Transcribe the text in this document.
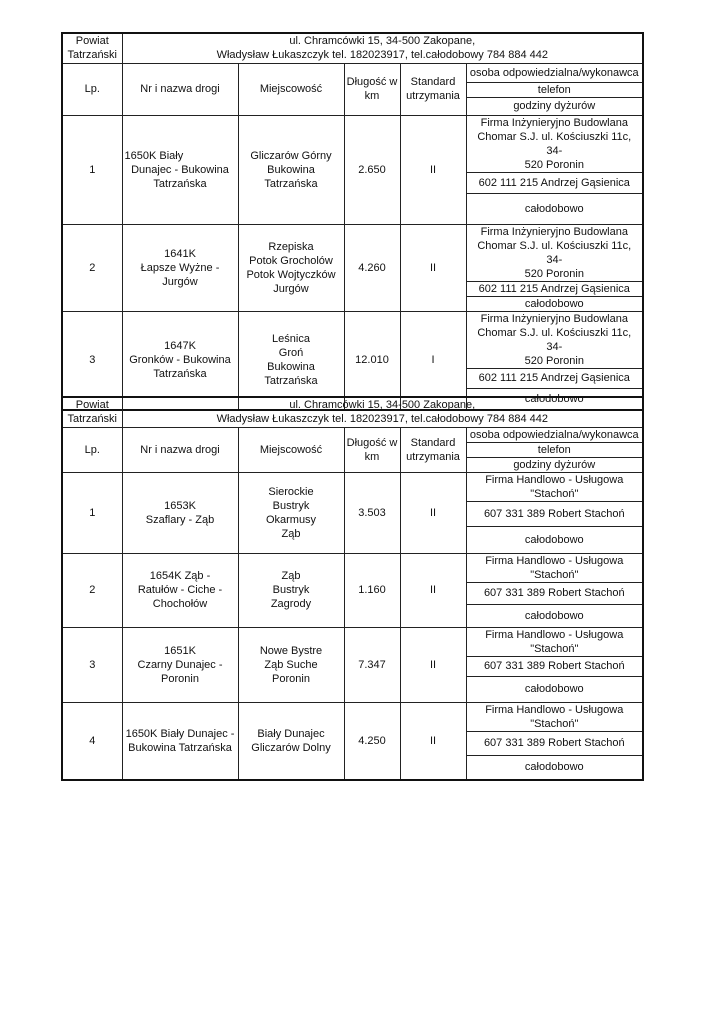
Powiat
Tatrzański	ul. Chramcówki 15, 34-500 Zakopane,
Władysław Łukaszczyk tel. 182023917, tel.całodobowy 784 884 442				

Lp.	Nr i nazwa drogi	Miejscowość	Długość w
km	Standard
utrzymania	osoba odpowiedzialna/wykonawca
					telefon
					godziny dyżurów
1	1650K Biały
Dunajec - Bukowina
Tatrzańska	Gliczarów Górny
Bukowina
Tatrzańska	2.650	II	Firma Inżynieryjno Budowlana
Chomar S.J. ul. Kościuszki 11c, 34-
520 Poronin

					602 111 215 Andrzej Gąsienica
					całodobowo
2	1641K
Łapsze Wyżne -
Jurgów	Rzepiska
Potok Grocholów
Potok Wojtyczków
Jurgów	4.260	II	Firma Inżynieryjno Budowlana
Chomar S.J. ul. Kościuszki 11c, 34-
520 Poronin

					602 111 215 Andrzej Gąsienica
					całodobowo
3	1647K
Gronków - Bukowina
Tatrzańska	Leśnica
Groń
Bukowina
Tatrzańska	12.010	I	Firma Inżynieryjno Budowlana
Chomar S.J. ul. Kościuszki 11c, 34-
520 Poronin

					602 111 215 Andrzej Gąsienica
					całodobowo
Powiat
Tatrzański	ul. Chramcówki 15, 34-500 Zakopane,
Władysław Łukaszczyk tel. 182023917, tel.całodobowy 784 884 442				

Lp.	Nr i nazwa drogi	Miejscowość	Długość w
km	Standard
utrzymania	osoba odpowiedzialna/wykonawca
					telefon
					godziny dyżurów
1	1653K
Szaflary - Ząb	Sierockie
Bustryk
Okarmusy
Ząb	3.503	II	Firma Handlowo - Usługowa
"Stachoń"

					607 331 389 Robert Stachoń
					całodobowo
2	1654K Ząb -
Ratułów - Ciche -
Chochołów	Ząb
Bustryk
Zagrody	1.160	II	Firma Handlowo - Usługowa
"Stachoń"

					607 331 389 Robert Stachoń
					całodobowo
3	1651K
Czarny Dunajec -
Poronin	Nowe Bystre
Ząb Suche
Poronin	7.347	II	Firma Handlowo - Usługowa
"Stachoń"

					607 331 389 Robert Stachoń
					całodobowo
4	1650K Biały Dunajec -
Bukowina Tatrzańska	Biały Dunajec
Gliczarów Dolny	4.250	II	Firma Handlowo - Usługowa
"Stachoń"

					607 331 389 Robert Stachoń
					całodobowo
